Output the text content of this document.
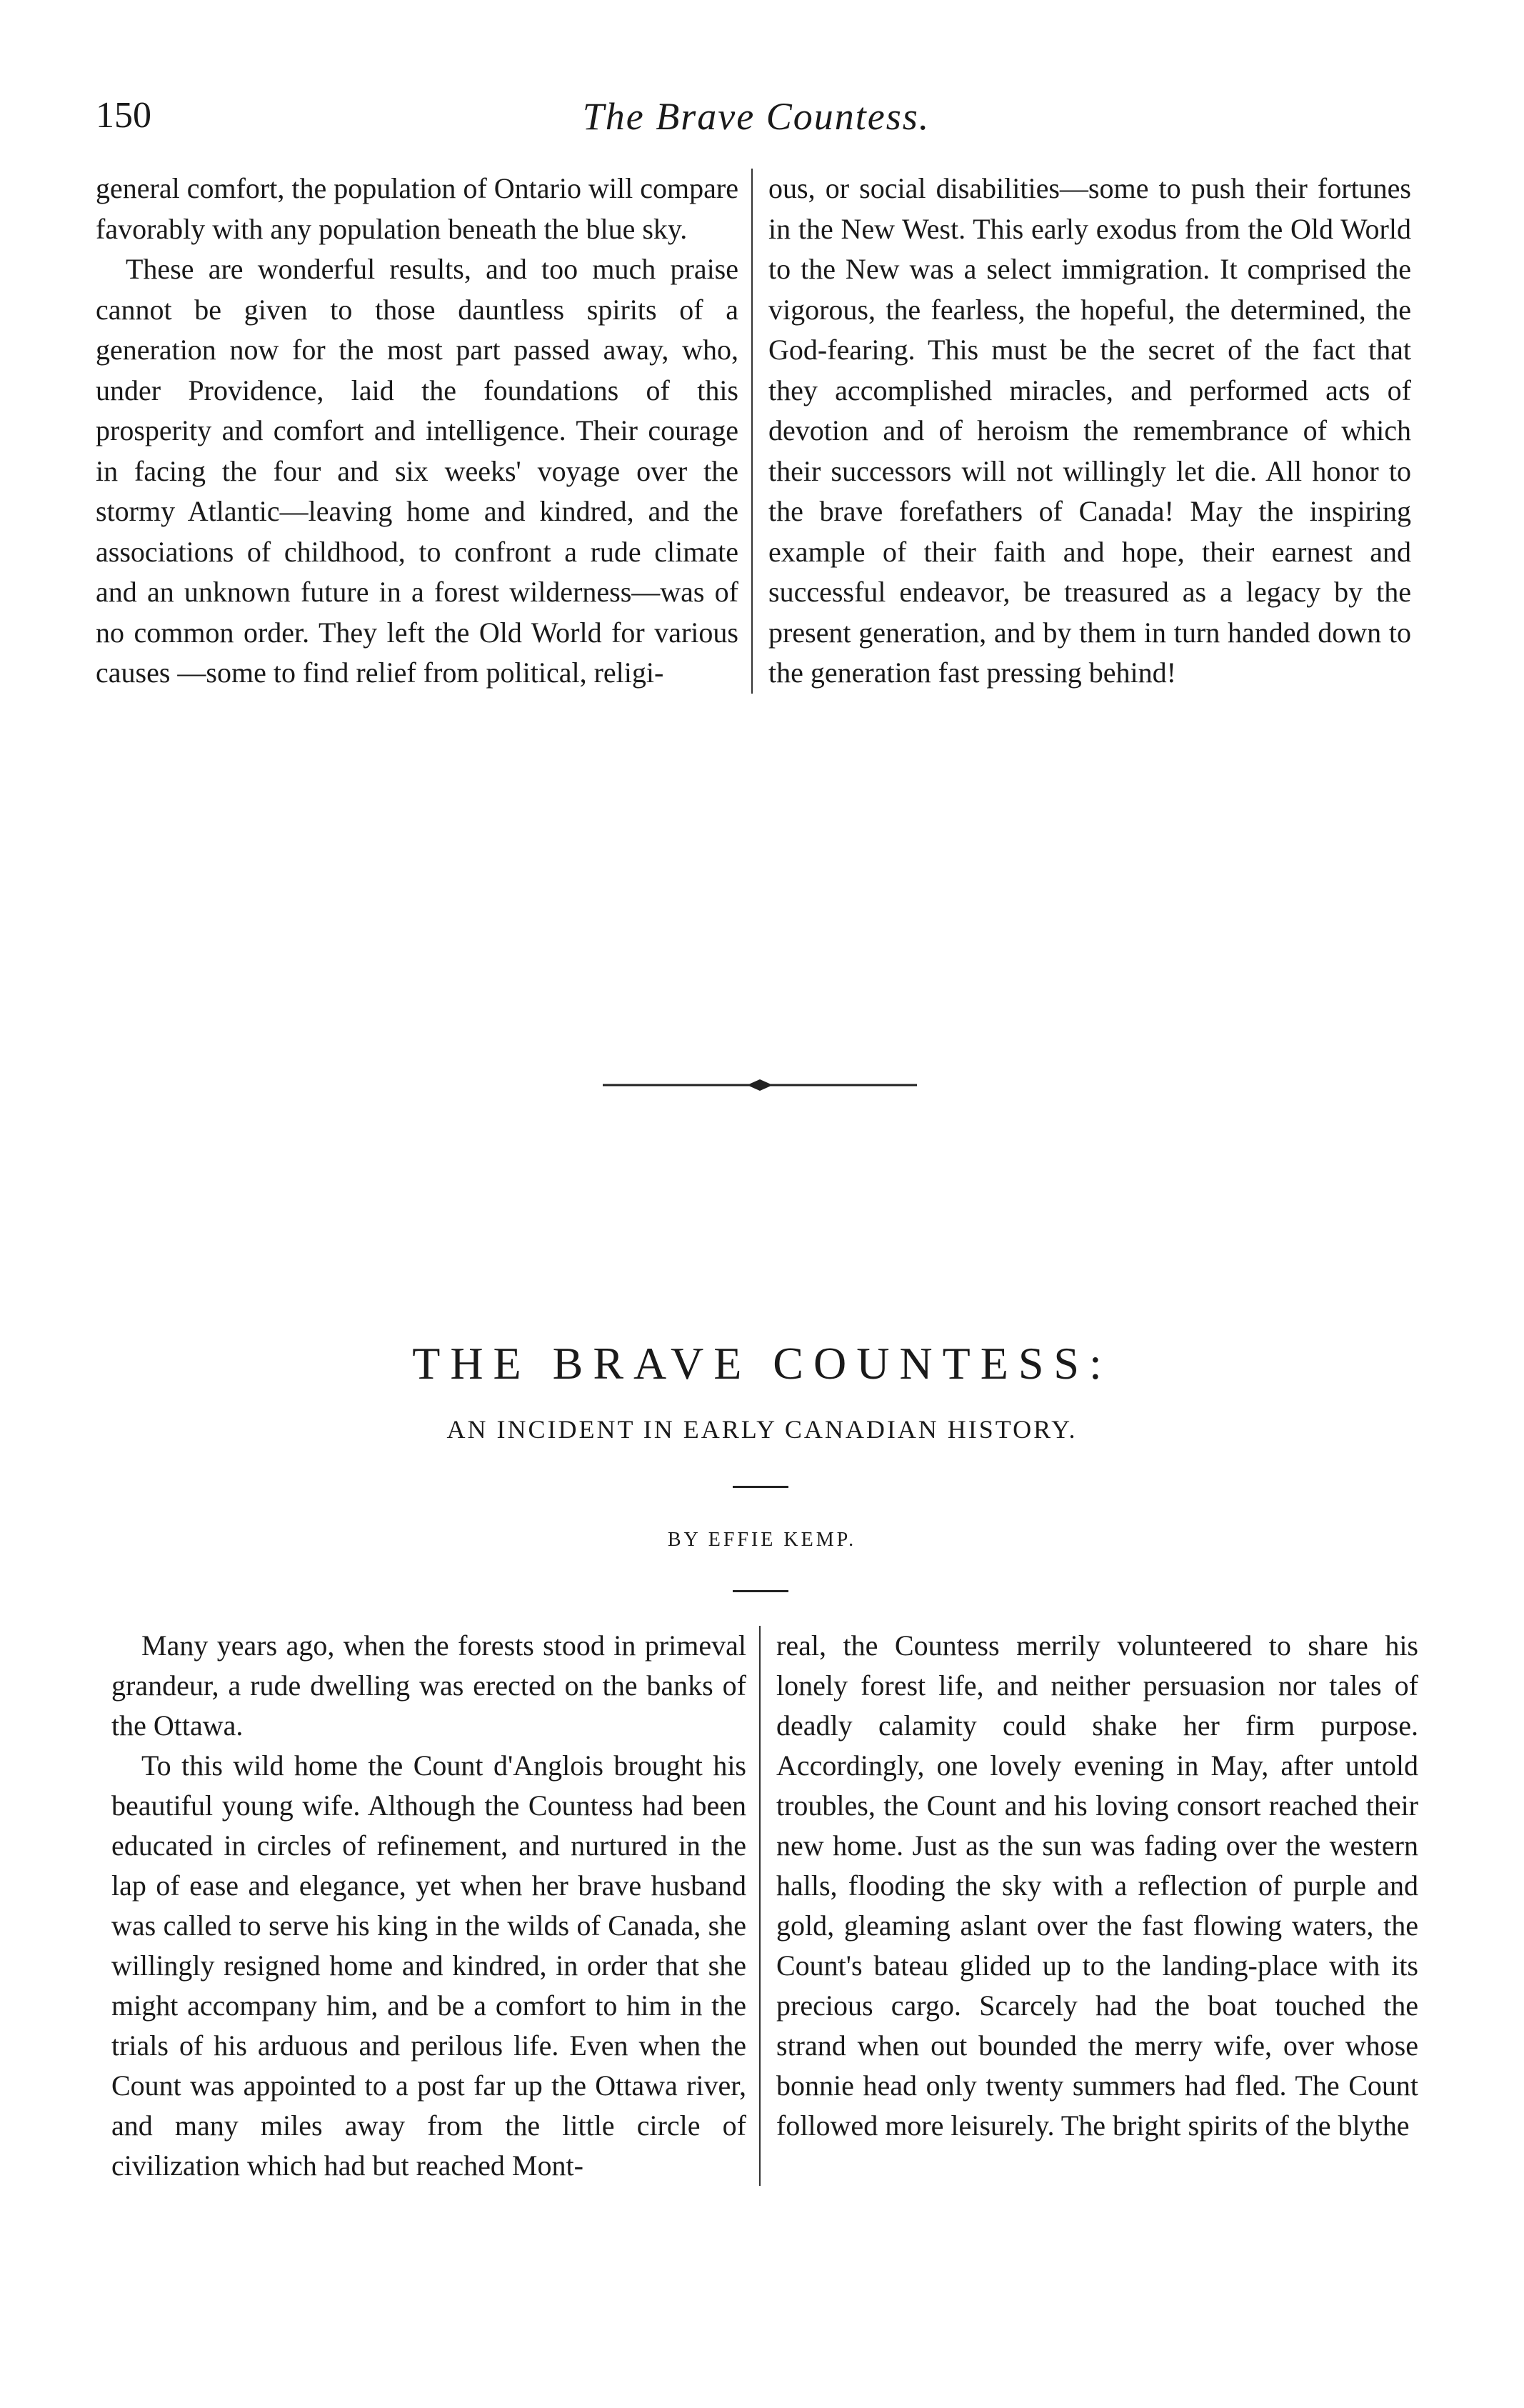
150	The Brave Countess.

general comfort, the population of Ontario will compare favorably with any population beneath the blue sky.

These are wonderful results, and too much praise cannot be given to those dauntless spirits of a generation now for the most part passed away, who, under Providence, laid the foundations of this prosperity and comfort and intelligence. Their courage in facing the four and six weeks' voyage over the stormy Atlantic—leaving home and kindred, and the associations of childhood, to confront a rude climate and an unknown future in a forest wilderness—was of no common order. They left the Old World for various causes —some to find relief from political, religi-

ous, or social disabilities—some to push their fortunes in the New West. This early exodus from the Old World to the New was a select immigration. It comprised the vigorous, the fearless, the hopeful, the determined, the God-fearing. This must be the secret of the fact that they accomplished miracles, and performed acts of devotion and of heroism the remembrance of which their successors will not willingly let die. All honor to the brave forefathers of Canada! May the inspiring example of their faith and hope, their earnest and successful endeavor, be treasured as a legacy by the present generation, and by them in turn handed down to the generation fast pressing behind!

THE BRAVE COUNTESS:
AN INCIDENT IN EARLY CANADIAN HISTORY.
BY EFFIE KEMP.

Many years ago, when the forests stood in primeval grandeur, a rude dwelling was erected on the banks of the Ottawa.

To this wild home the Count d'Anglois brought his beautiful young wife. Although the Countess had been educated in circles of refinement, and nurtured in the lap of ease and elegance, yet when her brave husband was called to serve his king in the wilds of Canada, she willingly resigned home and kindred, in order that she might accompany him, and be a comfort to him in the trials of his arduous and perilous life. Even when the Count was appointed to a post far up the Ottawa river, and many miles away from the little circle of civilization which had but reached Mont-

real, the Countess merrily volunteered to share his lonely forest life, and neither persuasion nor tales of deadly calamity could shake her firm purpose. Accordingly, one lovely evening in May, after untold troubles, the Count and his loving consort reached their new home. Just as the sun was fading over the western halls, flooding the sky with a reflection of purple and gold, gleaming aslant over the fast flowing waters, the Count's bateau glided up to the landing-place with its precious cargo. Scarcely had the boat touched the strand when out bounded the merry wife, over whose bonnie head only twenty summers had fled. The Count followed more leisurely. The bright spirits of the blythe
